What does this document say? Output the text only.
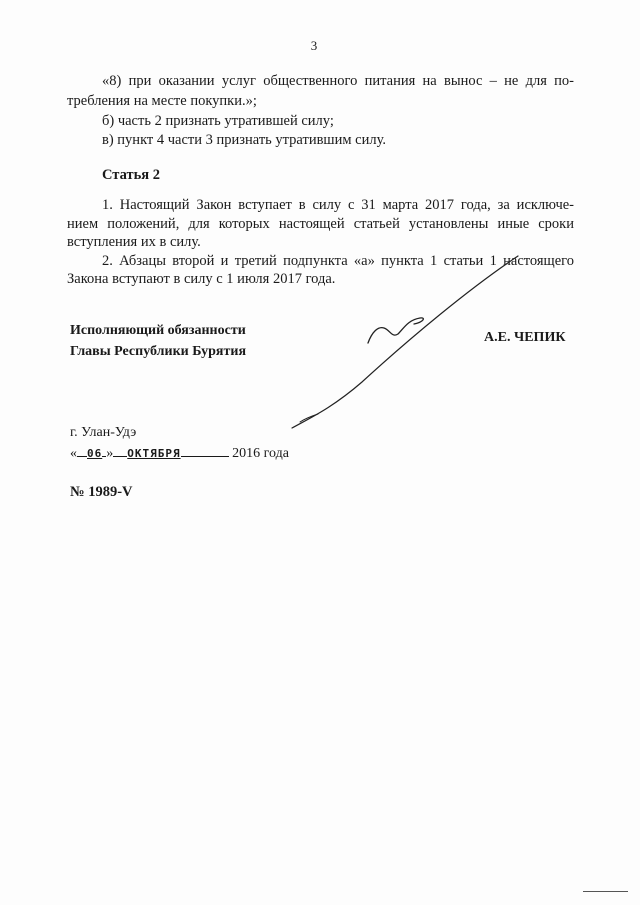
3
«8) при оказании услуг общественного питания на вынос – не для по-
требления на месте покупки.»;
б) часть 2 признать утратившей силу;
в) пункт 4 части 3 признать утратившим силу.
Статья 2
1. Настоящий Закон вступает в силу с 31 марта 2017 года, за исключе-
нием положений, для которых настоящей статьей установлены иные сроки
вступления их в силу.
2. Абзацы второй и третий подпункта «а» пункта 1 статьи 1 настоящего
Закона вступают в силу с 1 июля 2017 года.
Исполняющий обязанности
Главы Республики Бурятия
А.Е. ЧЕПИК
г. Улан-Удэ
« 06 » ОКТЯБРЯ	2016 года
№ 1989-V
